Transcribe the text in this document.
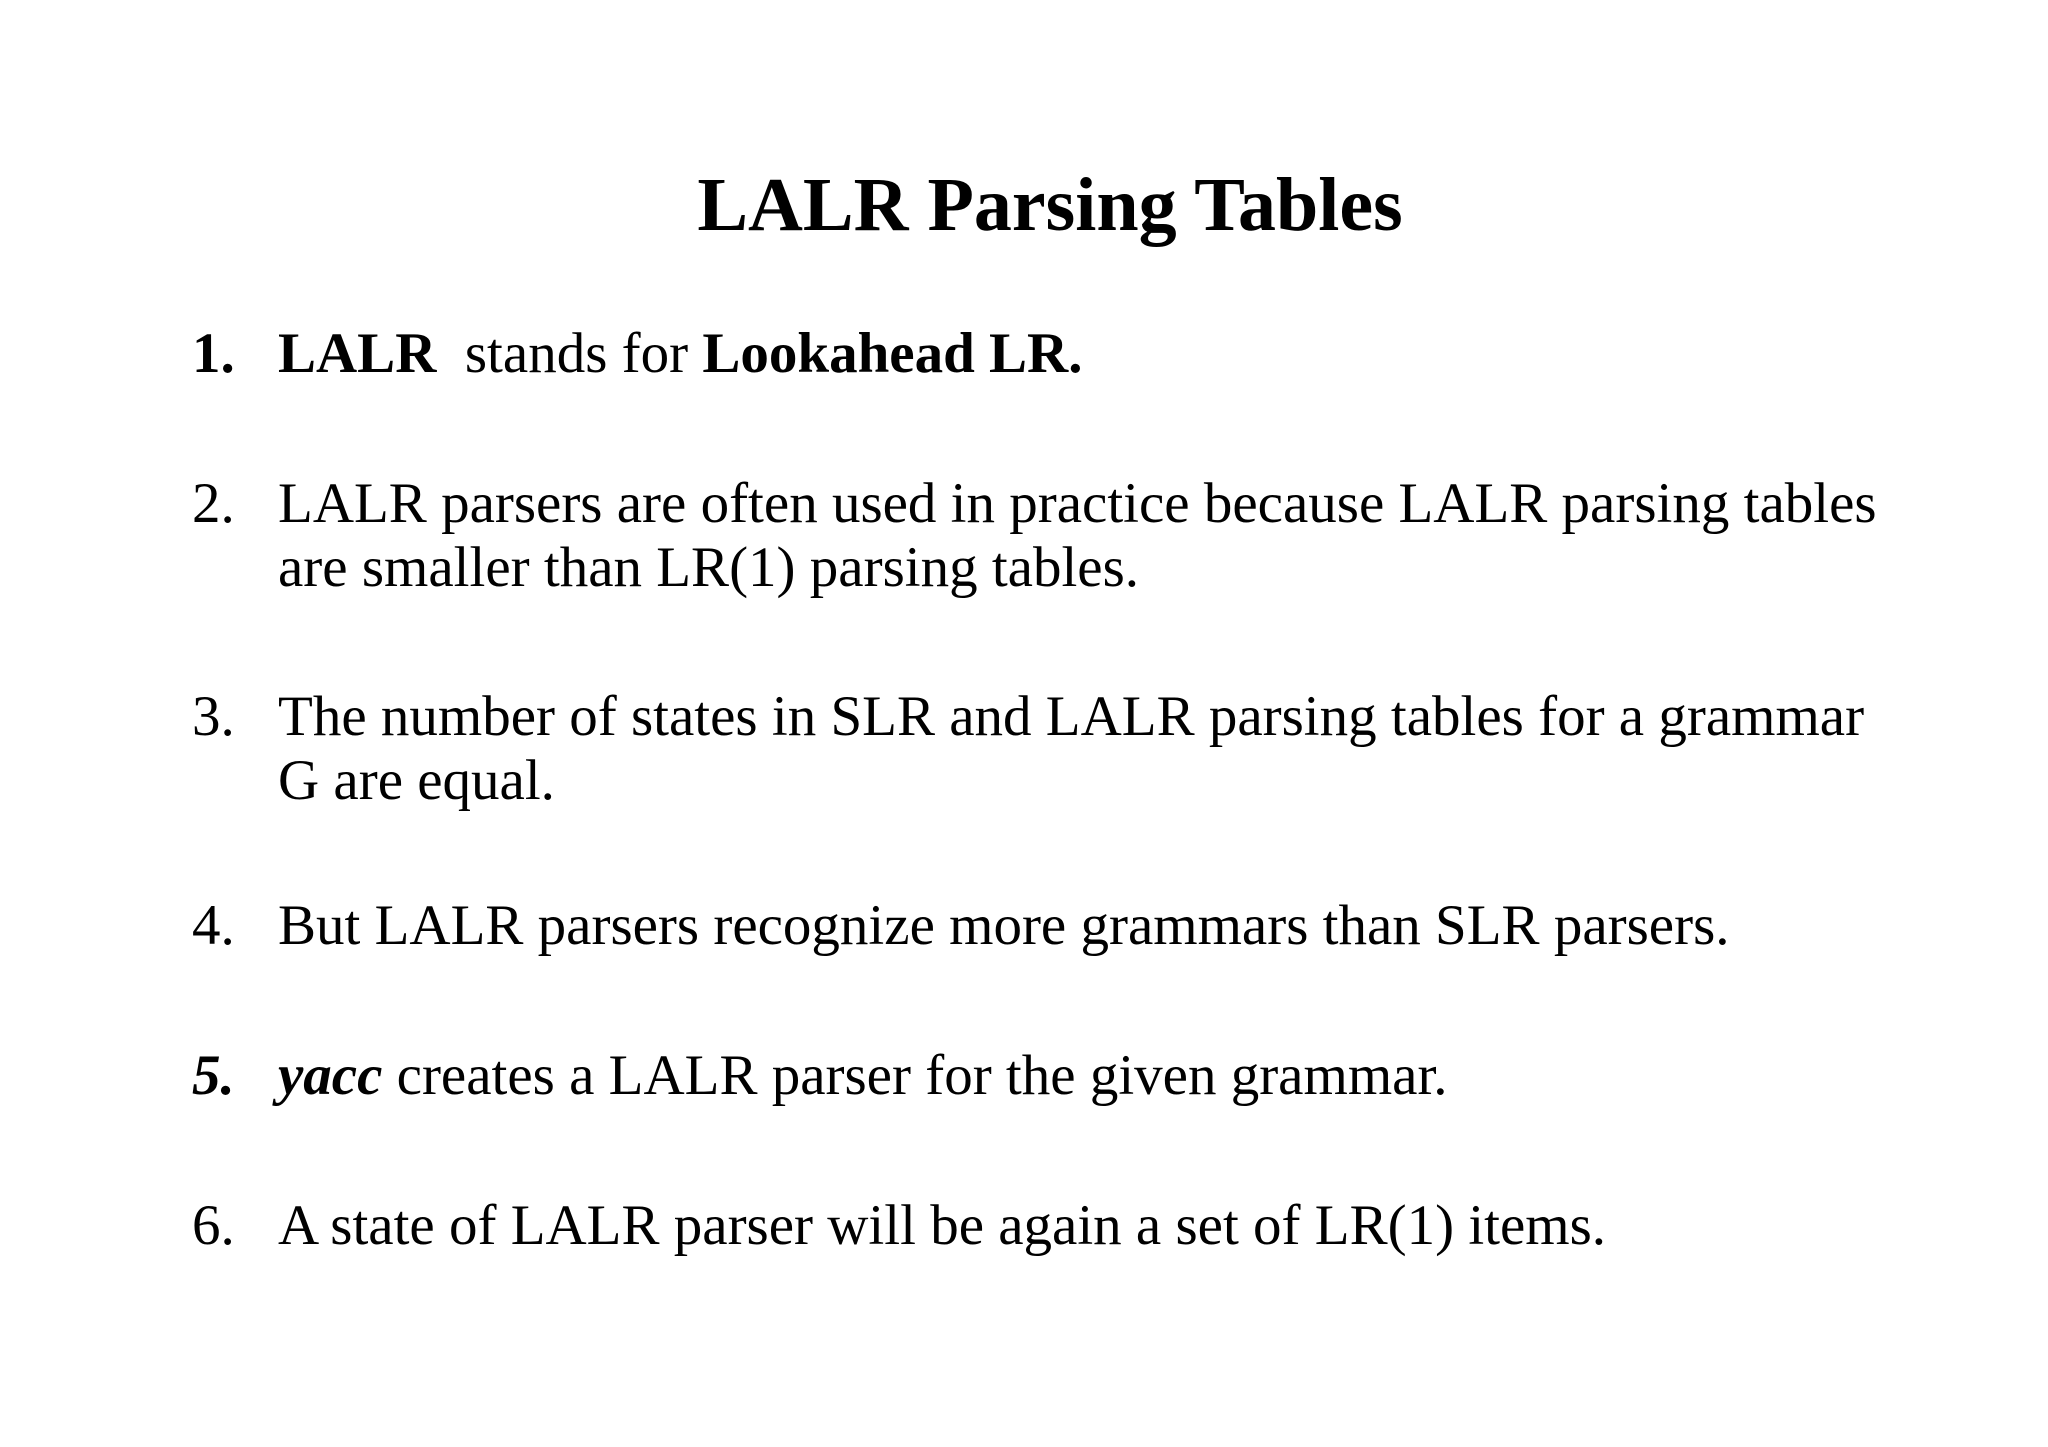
LALR Parsing Tables
1. LALR  stands for Lookahead LR.
2. LALR parsers are often used in practice because LALR parsing tables
are smaller than LR(1) parsing tables.
3. The number of states in SLR and LALR parsing tables for a grammar
G are equal.
4. But LALR parsers recognize more grammars than SLR parsers.
5. yacc creates a LALR parser for the given grammar.
6. A state of LALR parser will be again a set of LR(1) items.
